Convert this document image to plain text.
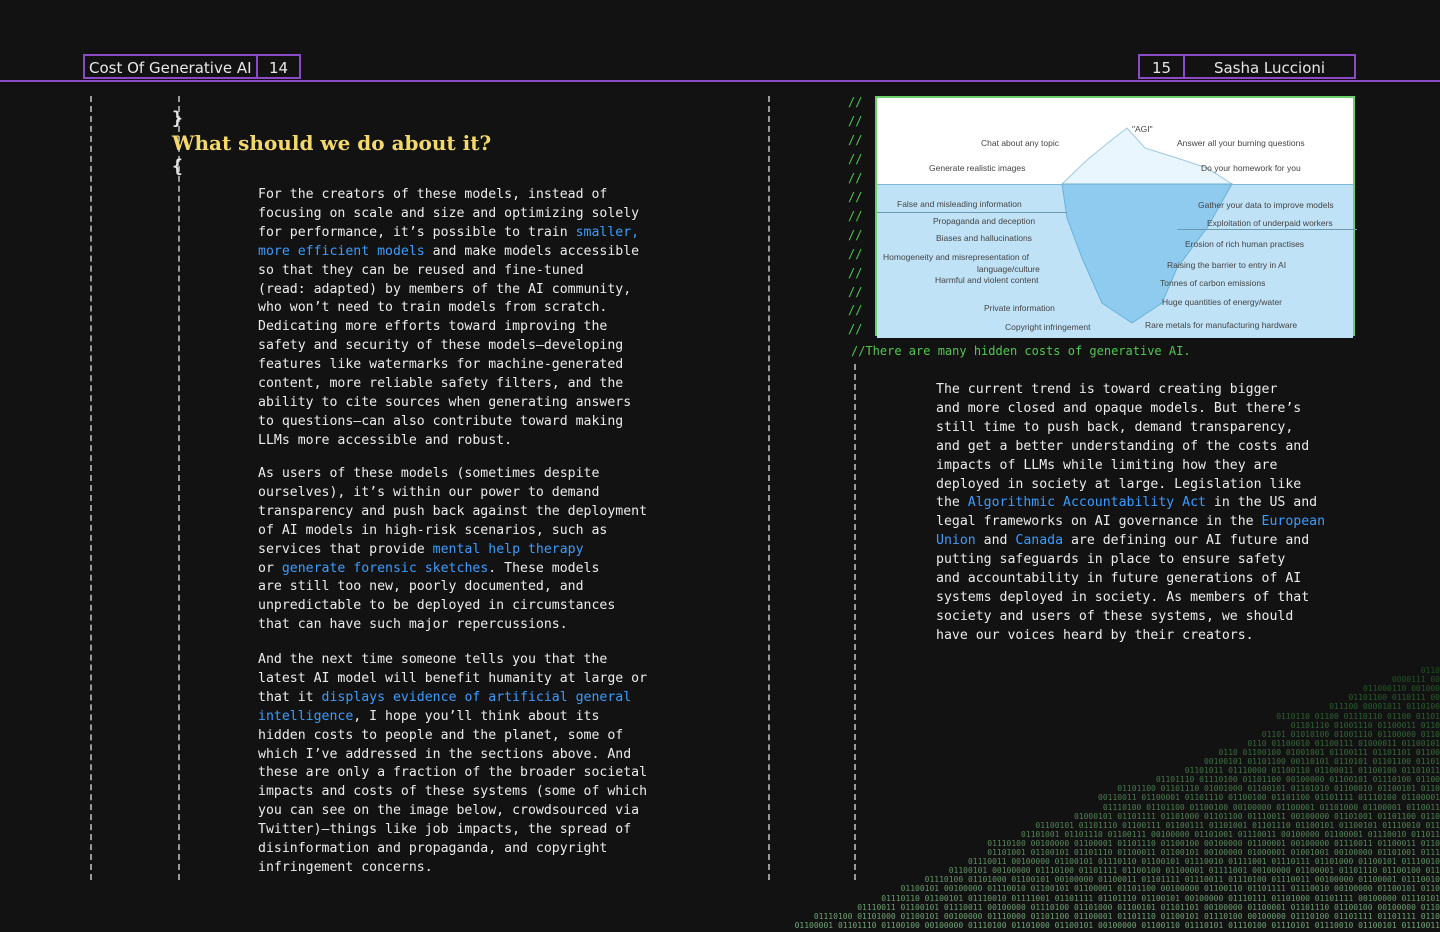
Cost Of Generative AI	14	15	Sasha Luccioni
}
What should we do about it?
{
For the creators of these models, instead of
focusing on scale and size and optimizing solely
for performance, it’s possible to train smaller,
more efficient models and make models accessible
so that they can be reused and fine-tuned
(read: adapted) by members of the AI community,
who won’t need to train models from scratch.
Dedicating more efforts toward improving the
safety and security of these models—developing
features like watermarks for machine-generated
content, more reliable safety filters, and the
ability to cite sources when generating answers
to questions—can also contribute toward making
LLMs more accessible and robust.
As users of these models (sometimes despite
ourselves), it’s within our power to demand
transparency and push back against the deployment
of AI models in high-risk scenarios, such as
services that provide mental help therapy
or generate forensic sketches. These models
are still too new, poorly documented, and
unpredictable to be deployed in circumstances
that can have such major repercussions.
And the next time someone tells you that the
latest AI model will benefit humanity at large or
that it displays evidence of artificial general
intelligence, I hope you’ll think about its
hidden costs to people and the planet, some of
which I’ve addressed in the sections above. And
these are only a fraction of the broader societal
impacts and costs of these systems (some of which
you can see on the image below, crowdsourced via
Twitter)—things like job impacts, the spread of
disinformation and propaganda, and copyright
infringement concerns.
//
//
//
//
//
//
//
//
//
//
//
//
//
"AGI"
Chat about any topic
Generate realistic images
Answer all your burning questions
Do your homework for you
False and misleading information
Propaganda and deception
Biases and hallucinations
Homogeneity and misrepresentation of
language/culture
Harmful and violent content
Private information
Copyright infringement
Gather your data to improve models
Exploitation of underpaid workers
Erosion of rich human practises
Raising the barrier to entry in AI
Tonnes of carbon emissions
Huge quantities of energy/water
Rare metals for manufacturing hardware
//There are many hidden costs of generative AI.
The current trend is toward creating bigger
and more closed and opaque models. But there’s
still time to push back, demand transparency,
and get a better understanding of the costs and
impacts of LLMs while limiting how they are
deployed in society at large. Legislation like
the Algorithmic Accountability Act in the US and
legal frameworks on AI governance in the European
Union and Canada are defining our AI future and
putting safeguards in place to ensure safety
and accountability in future generations of AI
systems deployed in society. As members of that
society and users of these systems, we should
have our voices heard by their creators.
0110
0000111 00
011000110 001000
01101100 0110111 00
011100 00001011 0110100
0110110 01100 01110110 01100 01101
01101110 01001110 01100011 0110
01101 01010100 01001110 01100000 0110
0110 01100010 01100111 01000011 01100101
0110 01100100 01001001 01100111 01101101 01100
00100101 01101100 00110101 0110101 01101100 01101
01101011 01110000 01100110 01100011 01100100 01101011
01101110 01110100 01101100 00100000 01100101 01110100 01100
01101100 01101110 01001000 01100101 01101010 01100010 01100101 0110
00110011 01100001 01101110 01100100 01101100 01101111 01110100 01100001
01110100 01101100 01100100 00100000 01100001 01101000 01100001 0110011
01000101 01101111 01101000 01101100 01110011 00100000 01101001 01101100 0110
01100101 01101110 01100111 01100111 01101001 01101110 01100101 01100101 01110010 011
01101001 01101110 01100111 00100000 01101001 01110011 00100000 01100001 01110010 011011
01110100 00100000 01100001 01101110 01100100 00100000 01100001 00100000 01110011 01100011 0110
01101001 01100101 01101110 01100011 01100101 00100000 01000001 01001001 00100000 01101001 0111
01110011 00100000 01100101 01110110 01100101 01110010 01111001 01110111 01101000 01100101 01110010
01100101 00100000 01110100 01101111 01100100 01100001 01111001 00100000 01100001 01101110 01100100 011
01110100 01101000 01100101 00100000 01100011 01101111 01110011 01110100 01110011 00100000 01100001 01110010
01100101 00100000 01110010 01100101 01100001 01101100 00100000 01100110 01101111 01110010 00100000 01100101 0110
01110110 01100101 01110010 01111001 01101111 01101110 01100101 00100000 01110111 01101000 01101111 00100000 01110101
01110011 01100101 01110011 00100000 01110100 01101000 01100101 01101101 00100000 01100001 01101110 01100100 00100000 0110
01110100 01101000 01100101 00100000 01110000 01101100 01100001 01101110 01100101 01110100 00100000 01110100 01101111 01101111 0110
01100001 01101110 01100100 00100000 01110100 01101000 01100101 00100000 01100110 01110101 01110100 01110101 01110010 01100101 01110011
